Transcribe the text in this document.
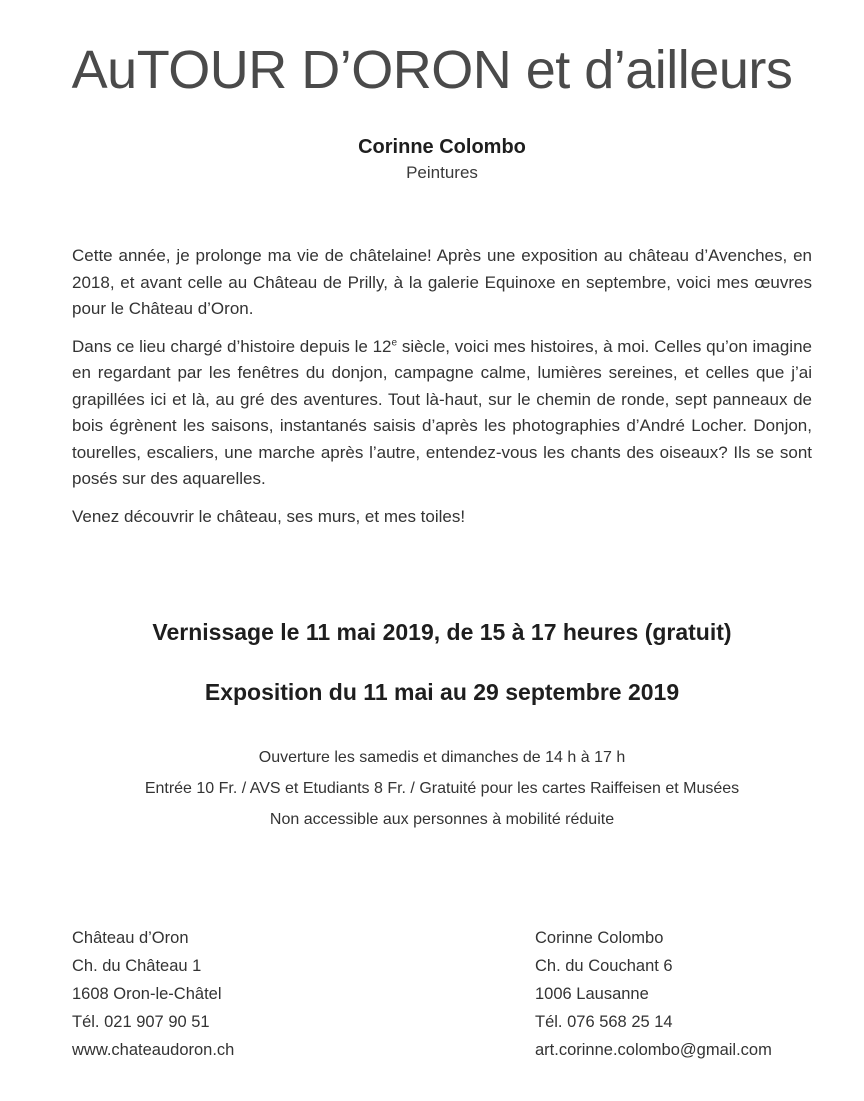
AuTOUR D’ORON et d’ailleurs
Corinne Colombo
Peintures

Cette année, je prolonge ma vie de châtelaine! Après une exposition au château d’Avenches, en 2018, et avant celle au Château de Prilly, à la galerie Equinoxe en septembre, voici mes œuvres pour le Château d’Oron.

Dans ce lieu chargé d’histoire depuis le 12e siècle, voici mes histoires, à moi. Celles qu’on imagine en regardant par les fenêtres du donjon, campagne calme, lumières sereines, et celles que j’ai grapillées ici et là, au gré des aventures. Tout là-haut, sur le chemin de ronde, sept panneaux de bois égrènent les saisons, instantanés saisis d’après les photographies d’André Locher. Donjon, tourelles, escaliers, une marche après l’autre, entendez-vous les chants des oiseaux? Ils se sont posés sur des aquarelles.

Venez découvrir le château, ses murs, et mes toiles!

Vernissage le 11 mai 2019, de 15 à 17 heures (gratuit)
Exposition du 11 mai au 29 septembre 2019
Ouverture les samedis et dimanches de 14 h à 17 h
Entrée 10 Fr. / AVS et Etudiants 8 Fr. / Gratuité pour les cartes Raiffeisen et Musées
Non accessible aux personnes à mobilité réduite
Château d’Oron
Ch. du Château 1
1608 Oron-le-Châtel
Tél. 021 907 90 51
www.chateaudoron.ch
Corinne Colombo
Ch. du Couchant 6
1006 Lausanne
Tél. 076 568 25 14
art.corinne.colombo@gmail.com
